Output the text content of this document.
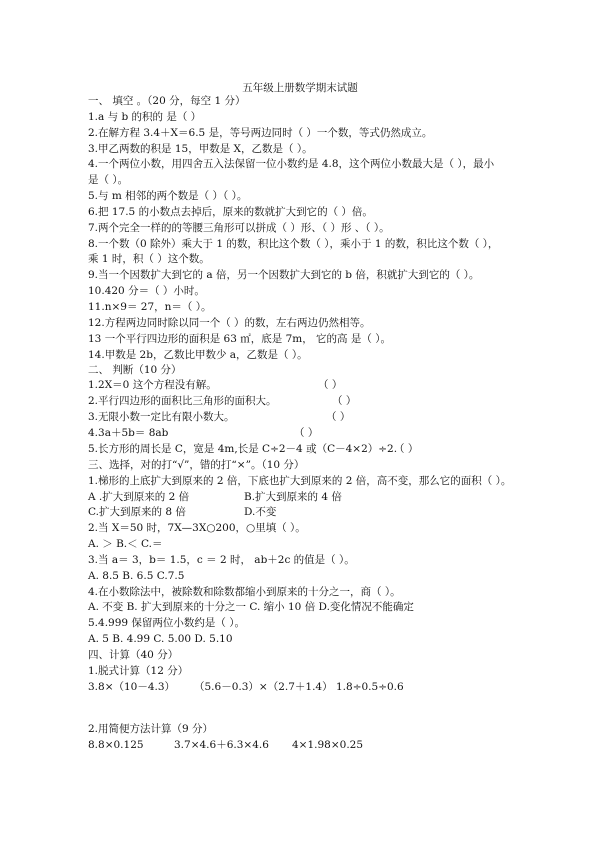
五年级上册数学期末试题
一、 填空 。（20 分，每空 1 分）
1.a 与 b 的积的 是（ ）
2.在解方程 3.4＋X＝6.5 是，等号两边同时（ ）一个数，等式仍然成立。
3.甲乙两数的积是 15，甲数是 X，乙数是（ ）。
4.一个两位小数，用四舍五入法保留一位小数约是 4.8，这个两位小数最大是（ ），最小
是（ ）。
5.与 m 相邻的两个数是（ ）（ ）。
6.把 17.5 的小数点去掉后，原来的数就扩大到它的（ ）倍。
7.两个完全一样的的等腰三角形可以拼成（ ）形、（ ）形 、（ ）。
8.一个数（0 除外）乘大于 1 的数，积比这个数（ ），乘小于 1 的数，积比这个数（ ），
乘 1 时，积（ ）这个数。
9.当一个因数扩大到它的 a 倍，另一个因数扩大到它的 b 倍，积就扩大到它的（ ）。
10.420 分＝（ ）小时。
11.n×9＝ 27，n＝（ ）。
12.方程两边同时除以同一个（ ）的数，左右两边仍然相等。
13 一个平行四边形的面积是 63 ㎡，底是 7m， 它的高 是（ ）。
14.甲数是 2b，乙数比甲数少 a，乙数是（ ）。
二、 判断（10 分）
1.2X＝0 这个方程没有解。	（ ）
2.平行四边形的面积比三角形的面积大。	（ ）
3.无限小数一定比有限小数大。	（ ）
4.3a＋5b＝ 8ab	（ ）
5.长方形的周长是 C，宽是 4m,长是 C÷2－4 或（C－4×2）÷2.
（ ）
三、选择，对的打“√”，错的打“×”。（10 分）
1.梯形的上底扩大到原来的 2 倍，下底也扩大到原来的 2 倍，高不变，那么它的面积（ ）。
A .扩大到原来的 2 倍	B.扩大到原来的 4 倍
C.扩大到原来的 8 倍	D.不变
2.当 X＝50 时，7X—3X○200，○里填（ ）。
A. ＞ B.＜ C.＝
3.当 a＝ 3，b＝ 1.5，c ＝ 2 时， ab＋2c 的值是（ ）。
A. 8.5 B. 6.5 C.7.5
4.在小数除法中，被除数和除数都缩小到原来的十分之一，商（ ）。
A. 不变 B. 扩大到原来的十分之一 C. 缩小 10 倍 D.变化情况不能确定
5.4.999 保留两位小数约是（ ）。
A. 5 B. 4.99 C. 5.00 D. 5.10
四、计算（40 分）
1.脱式计算（12 分）
3.8×（10－4.3） （5.6－0.3）×（2.7＋1.4） 1.8÷0.5÷0.6
2.用简便方法计算（9 分）
8.8×0.125	3.7×4.6＋6.3×4.6 4×1.98×0.25
